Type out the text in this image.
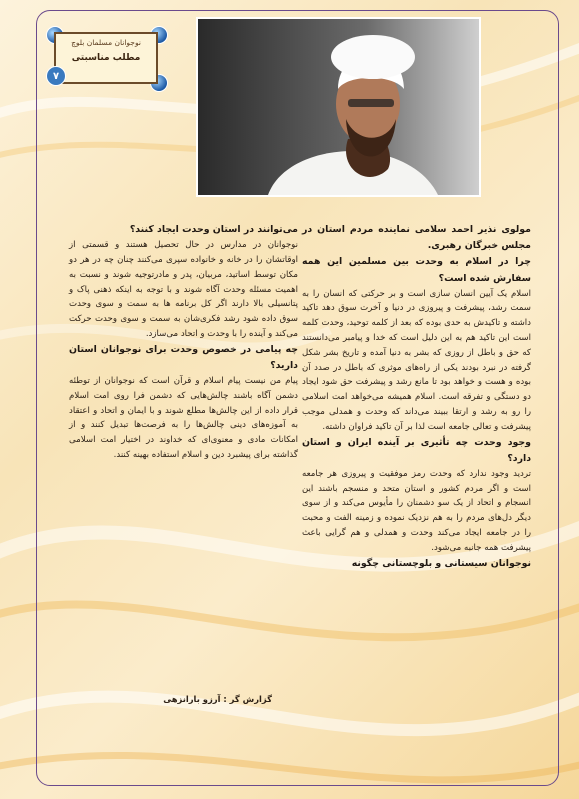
نوجوانان مسلمان بلوچ
مطلب مناسبتی
۷

مولوی نذیر احمد سلامی نماینده مردم استان در مجلس خبرگان رهبری.

چرا در اسلام به وحدت بین مسلمین این همه سفارش شده است؟

اسلام یک آیین انسان سازی است و بر حرکتی که انسان را به سمت رشد، پیشرفت و پیروزی در دنیا و آخرت سوق دهد تاکید داشته و تاکیدش به حدی بوده که بعد از کلمه توحید، وحدت کلمه است این تاکید هم به این دلیل است که خدا و پیامبر می‌دانستند که حق و باطل از روزی که بشر به دنیا آمده و تاریخ بشر شکل گرفته در نبرد بودند یکی از راه‌های موثری که باطل در صدد آن بوده و هست و خواهد بود تا مانع رشد و پیشرفت حق شود ایجاد دو دستگی و تفرقه است. اسلام همیشه می‌خواهد امت اسلامی را رو به رشد و ارتقا ببیند می‌داند که وحدت و همدلی موجب پیشرفت و تعالی جامعه است لذا بر آن تاکید فراوان داشته.

وجود وحدت چه تأثیری بر آینده ایران و استان دارد؟

تردید وجود ندارد که وحدت رمز موفقیت و پیروزی هر جامعه است و اگر مردم کشور و استان متحد و منسجم باشند این انسجام و اتحاد از یک سو دشمنان را مأیوس می‌کند و از سوی دیگر دل‌های مردم را به هم نزدیک نموده و زمینه الفت و محبت را در جامعه ایجاد می‌کند وحدت و همدلی و هم گرایی باعث پیشرفت همه جانبه می‌شود.

نوجوانان سیستانی و بلوچستانی چگونه

می‌توانند در استان وحدت ایجاد کنند؟

نوجوانان در مدارس در حال تحصیل هستند و قسمتی از اوقاتشان را در خانه و خانواده سپری می‌کنند چنان چه در هر دو مکان توسط اساتید، مربیان، پدر و مادرتوجیه شوند و نسبت به اهمیت مسئله وحدت آگاه شوند و با توجه به اینکه ذهنی پاک و پتانسیلی بالا دارند اگر کل برنامه ها به سمت و سوی وحدت سوق داده شود رشد فکری‌شان به سمت و سوی وحدت حرکت می‌کند و آینده را با وحدت و اتحاد می‌سازد.

چه پیامی در خصوص وحدت برای نوجوانان استان دارید؟

پیام من نیست پیام اسلام و قرآن است که نوجوانان از توطئه دشمن آگاه باشند چالش‌هایی که دشمن فرا روی امت اسلام قرار داده از این چالش‌ها مطلع شوند و با ایمان و اتحاد و اعتقاد به آموزه‌های دینی چالش‌ها را به فرصت‌ها تبدیل کنند و از امکانات مادی و معنوی‌ای که خداوند در اختیار امت اسلامی گذاشته برای پیشبرد دین و اسلام استفاده بهینه کنند.

گزارش گر : آرزو بارانزهی
